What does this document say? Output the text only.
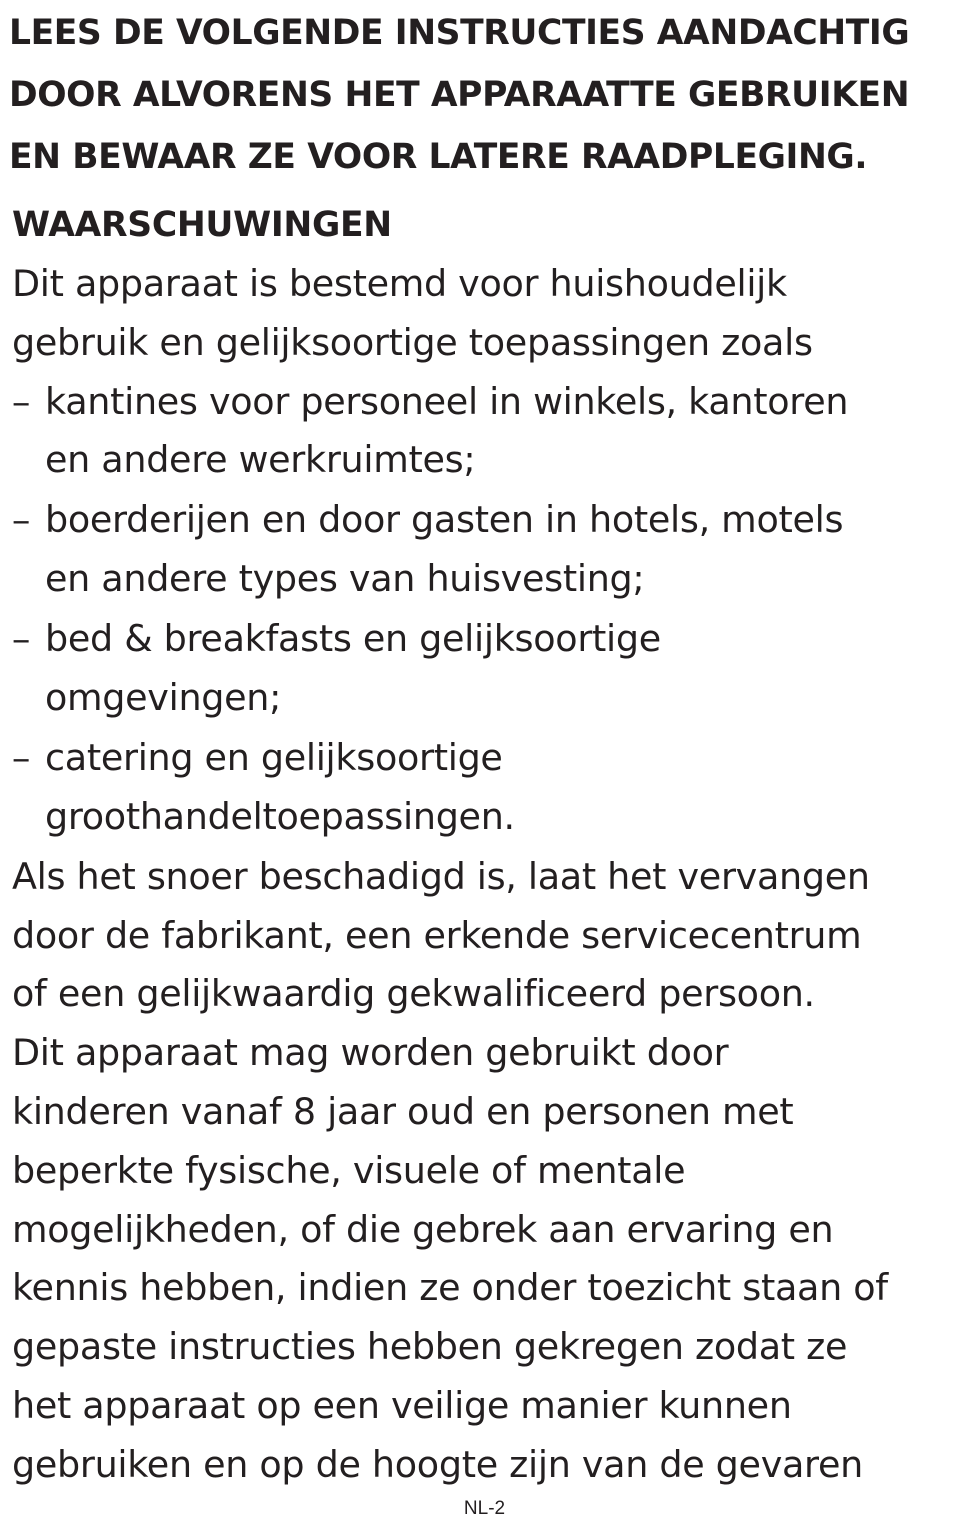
LEES DE VOLGENDE INSTRUCTIES AANDACHTIG
DOOR ALVORENS HET APPARAATTE GEBRUIKEN
EN BEWAAR ZE VOOR LATERE RAADPLEGING.
WAARSCHUWINGEN

Dit apparaat is bestemd voor huishoudelijk
gebruik en gelijksoortige toepassingen zoals

– kantines voor personeel in winkels, kantoren
en andere werkruimtes;
– boerderijen en door gasten in hotels, motels
en andere types van huisvesting;
– bed & breakfasts en gelijksoortige
omgevingen;
– catering en gelijksoortige
groothandeltoepassingen.

Als het snoer beschadigd is, laat het vervangen
door de fabrikant, een erkende servicecentrum
of een gelijkwaardig gekwalificeerd persoon.

Dit apparaat mag worden gebruikt door
kinderen vanaf 8 jaar oud en personen met
beperkte fysische, visuele of mentale
mogelijkheden, of die gebrek aan ervaring en
kennis hebben, indien ze onder toezicht staan of
gepaste instructies hebben gekregen zodat ze
het apparaat op een veilige manier kunnen
gebruiken en op de hoogte zijn van de gevaren

NL-2
